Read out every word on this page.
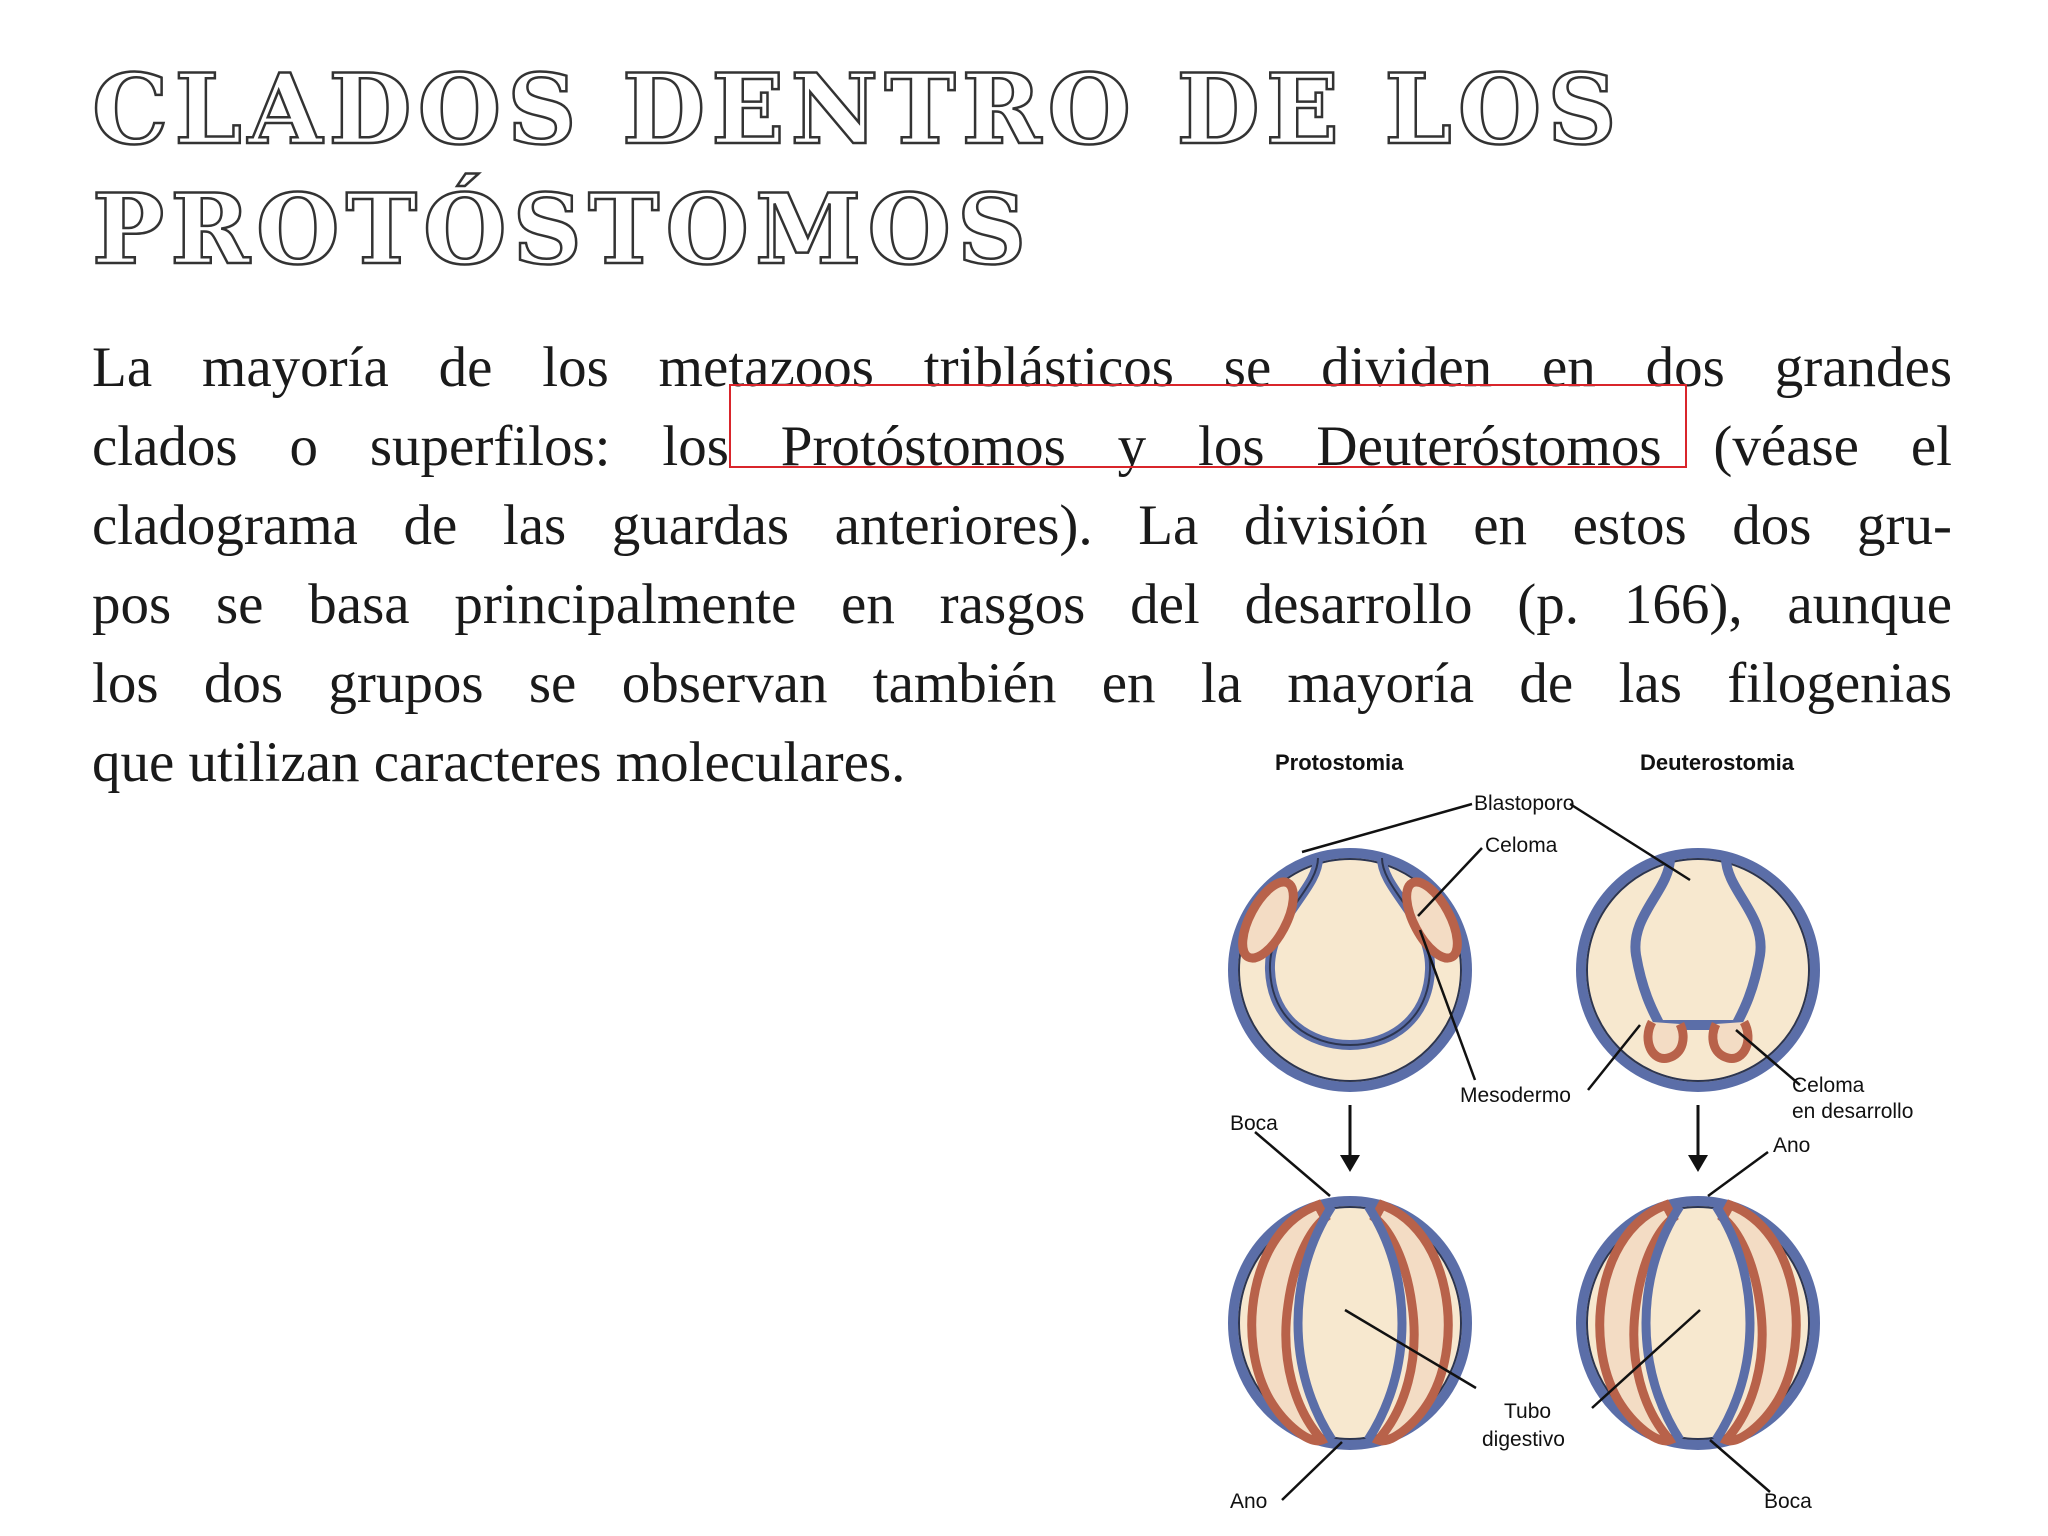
CLADOS DENTRO DE LOS
PROTÓSTOMOS
La mayoría de los metazoos triblásticos se dividen en dos grandes
clados o superfilos: los Protóstomos y los Deuteróstomos (véase el
cladograma de las guardas anteriores). La división en estos dos gru-
pos se basa principalmente en rasgos del desarrollo (p. 166), aunque
los dos grupos se observan también en la mayoría de las filogenias
que utilizan caracteres moleculares.	Protostomia	Deuterostomia
Blastoporo
Celoma
Mesodermo	Celoma
en desarrollo
Boca
Ano
Tubo
digestivo
Ano	Boca
